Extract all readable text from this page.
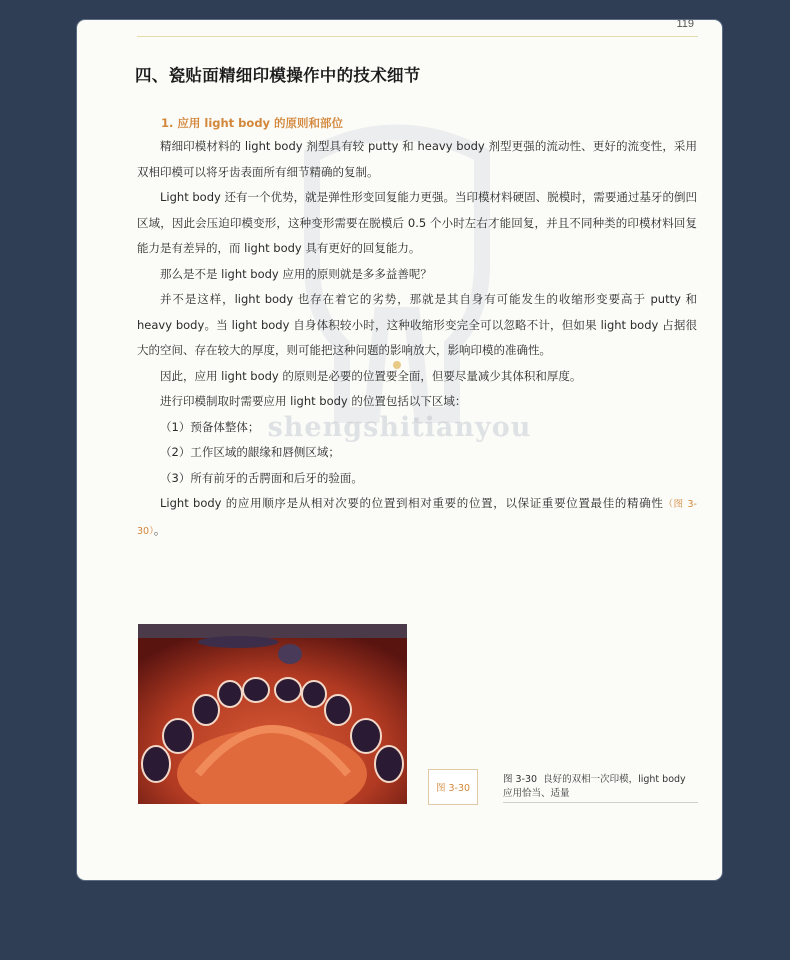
119
shengshitianyou
四、瓷贴面精细印模操作中的技术细节
1. 应用 light body 的原则和部位

精细印模材料的 light body 剂型具有较 putty 和 heavy body 剂型更强的流动性、更好的流变性，采用双相印模可以将牙齿表面所有细节精确的复制。

Light body 还有一个优势，就是弹性形变回复能力更强。当印模材料硬固、脱模时，需要通过基牙的倒凹区域，因此会压迫印模变形，这种变形需要在脱模后 0.5 个小时左右才能回复，并且不同种类的印模材料回复能力是有差异的，而 light body 具有更好的回复能力。

那么是不是 light body 应用的原则就是多多益善呢？

并不是这样，light body 也存在着它的劣势，那就是其自身有可能发生的收缩形变要高于 putty 和 heavy body。当 light body 自身体积较小时，这种收缩形变完全可以忽略不计，但如果 light body 占据很大的空间、存在较大的厚度，则可能把这种问题的影响放大，影响印模的准确性。

因此，应用 light body 的原则是必要的位置要全面，但要尽量减少其体积和厚度。

进行印模制取时需要应用 light body 的位置包括以下区域：

（1）预备体整体；

（2）工作区域的龈缘和唇侧区域；

（3）所有前牙的舌腭面和后牙的验面。

Light body 的应用顺序是从相对次要的位置到相对重要的位置，以保证重要位置最佳的精确性（图 3-30）。

图 3-30

图 3-30 良好的双相一次印模，light body 应用恰当、适量
